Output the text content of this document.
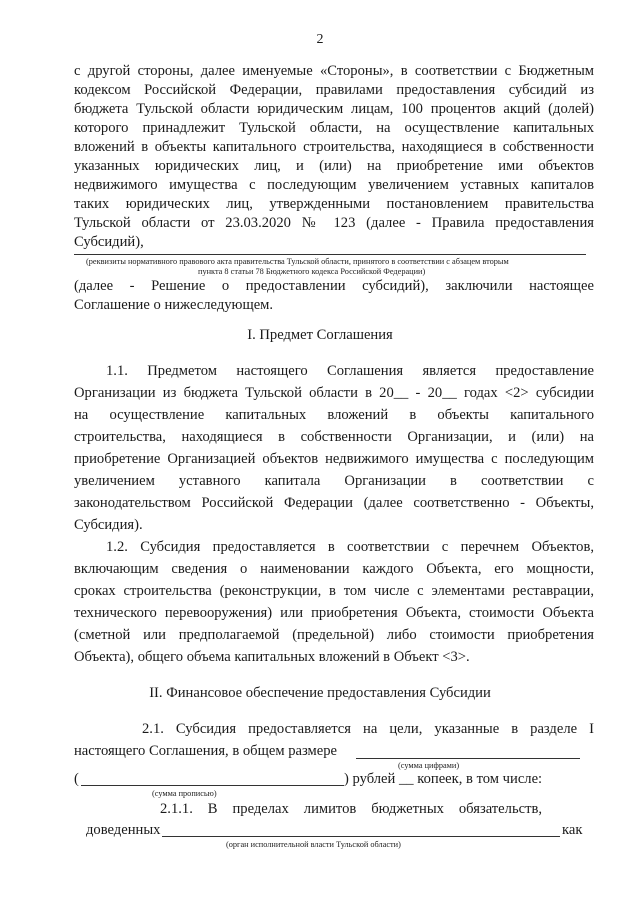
2
с другой стороны, далее именуемые «Стороны», в соответствии с Бюджетным
кодексом Российской Федерации, правилами предоставления субсидий из
бюджета Тульской области юридическим лицам, 100 процентов акций (долей)
которого принадлежит Тульской области, на осуществление капитальных
вложений в объекты капитального строительства, находящиеся в собственности
указанных юридических лиц, и (или) на приобретение ими объектов
недвижимого имущества с последующим увеличением уставных капиталов
таких юридических лиц, утвержденными постановлением правительства
Тульской области от 23.03.2020 № 123 (далее - Правила предоставления
Субсидий),
(реквизиты нормативного правового акта правительства Тульской области, принятого в соответствии с абзацем вторым
пункта 8 статьи 78 Бюджетного кодекса Российской Федерации)
(далее - Решение о предоставлении субсидий), заключили настоящее
Соглашение о нижеследующем.
I. Предмет Соглашения
1.1. Предметом настоящего Соглашения является предоставление
Организации из бюджета Тульской области в 20__ - 20__ годах <2> субсидии
на осуществление капитальных вложений в объекты капитального
строительства, находящиеся в собственности Организации, и (или) на
приобретение Организацией объектов недвижимого имущества с последующим
увеличением уставного капитала Организации в соответствии с
законодательством Российской Федерации (далее соответственно - Объекты,
Субсидия).
1.2. Субсидия предоставляется в соответствии с перечнем Объектов,
включающим сведения о наименовании каждого Объекта, его мощности,
сроках строительства (реконструкции, в том числе с элементами реставрации,
технического перевооружения) или приобретения Объекта, стоимости Объекта
(сметной или предполагаемой (предельной) либо стоимости приобретения
Объекта), общего объема капитальных вложений в Объект <3>.
II. Финансовое обеспечение предоставления Субсидии
2.1. Субсидия предоставляется на цели, указанные в разделе I
настоящего Соглашения, в общем размере
(сумма цифрами)
(	) рублей __ копеек, в том числе:
(сумма прописью)
2.1.1. В пределах лимитов бюджетных обязательств,
доведенных	как
(орган исполнительной власти Тульской области)
